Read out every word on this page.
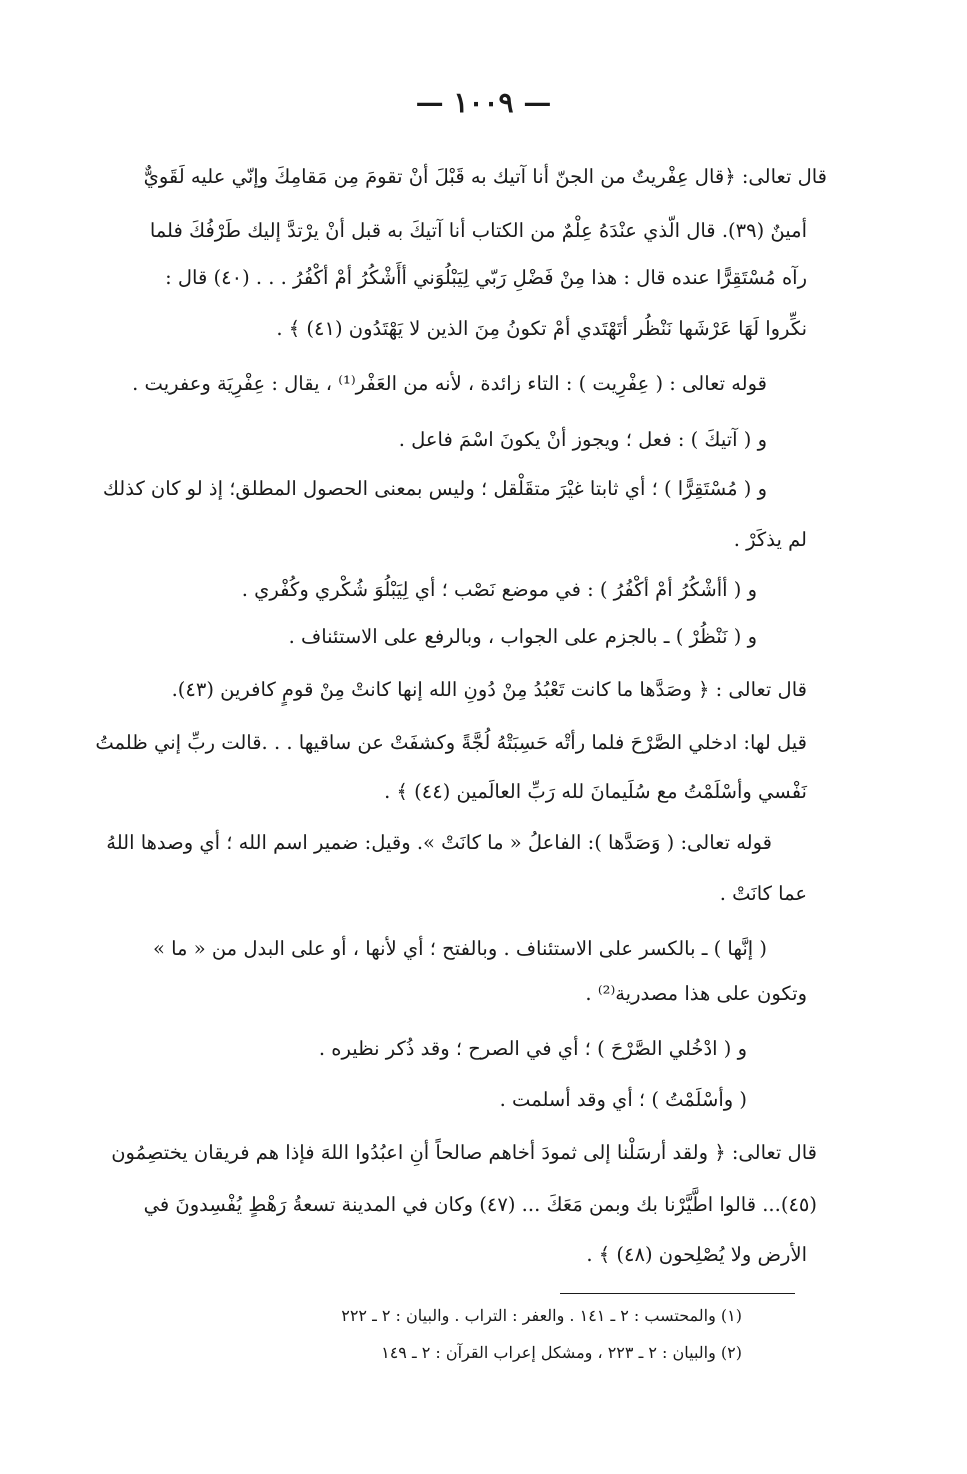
— ١٠٠٩ —
قال تعالى: ﴿قال عِفْريتٌ من الجنّ أنا آتيك به قَبْلَ أنْ تقومَ مِن مَقامِكَ وإنّي عليه لَقَويٌّ
أمينٌ (٣٩). قال الّذي عنْدَهُ عِلْمٌ من الكتاب أنا آتيكَ به قبل أنْ يرْتدَّ إليك طَرْفُكَ فلما
رآه مُسْتَقِرًّا عنده قال : هذا مِنْ فَضْلِ رَبّي لِيَبْلُوَني أأَشْكُرُ أمْ أكْفُرُ . . . (٤٠) قال :
نكِّروا لَهَا عَرْشَها نَنْظُر أتَهْتَدي أمْ تكونُ مِنَ الذين لا يَهْتَدُون (٤١) ﴾ .
قوله تعالى : ( عِفْرِيت ) : التاء زائدة ، لأنه من العَفْر⁽¹⁾ ، يقال : عِفْرِيَة وعفريت .
و ( آتيكَ ) : فعل ؛ ويجوز أنْ يكونَ اسْمَ فاعل .
و ( مُسْتَقِرًّا ) ؛ أي ثابتا غيْرَ متقَلْقل ؛ وليس بمعنى الحصول المطلق؛ إذ لو كان كذلك
لم يذكَرْ .
و ( أأشْكُرُ أمْ أكْفُرُ ) : في موضع نَصْب ؛ أي لِيَبْلُوَ شُكْري وكُفْري .
و ( نَنْظُرْ ) ـ بالجزم على الجواب ، وبالرفع على الاستئناف .
قال تعالى : ﴿ وصَدَّها ما كانت تَعْبُدُ مِنْ دُونِ الله إنها كانتْ مِنْ قومٍ كافرين (٤٣).
قيل لها: ادخلي الصَّرْحَ فلما رأتْه حَسِبَتْهُ لُجَّةً وكشفَتْ عن ساقيها . . .قالت ربِّ إني ظلمتُ
نَفْسي وأسْلَمْتُ مع سُلَيمانَ لله رَبِّ العالَمين (٤٤) ﴾ .
قوله تعالى: ( وَصَدَّها ): الفاعلُ « ما كانَتْ ». وقيل: ضمير اسم الله ؛ أي وصدها اللهُ
عما كانَتْ .
( إنَّها ) ـ بالكسر على الاستئناف . وبالفتح ؛ أي لأنها ، أو على البدل من « ما »
وتكون على هذا مصدرية⁽²⁾ .
و ( ادْخُلي الصَّرْحَ ) ؛ أي في الصرح ؛ وقد ذُكر نظيره .
( وأسْلَمْتُ ) ؛ أي وقد أسلمت .
قال تعالى: ﴿ ولقد أرسَلْنا إلى ثمودَ أخاهم صالحاً أنِ اعبُدُوا اللهَ فإذا هم فريقان يختصِمُون
(٤٥)... قالوا اطَّيَّرْنا بك وبمن مَعَكَ ... (٤٧) وكان في المدينة تسعةُ رَهْطٍ يُفْسِدونَ في
الأرض ولا يُصْلِحون (٤٨) ﴾ .
(١) والمحتسب : ٢ ـ ١٤١ . والعفر : التراب . والبيان : ٢ ـ ٢٢٢
(٢) والبيان : ٢ ـ ٢٢٣ ، ومشكل إعراب القرآن : ٢ ـ ١٤٩
